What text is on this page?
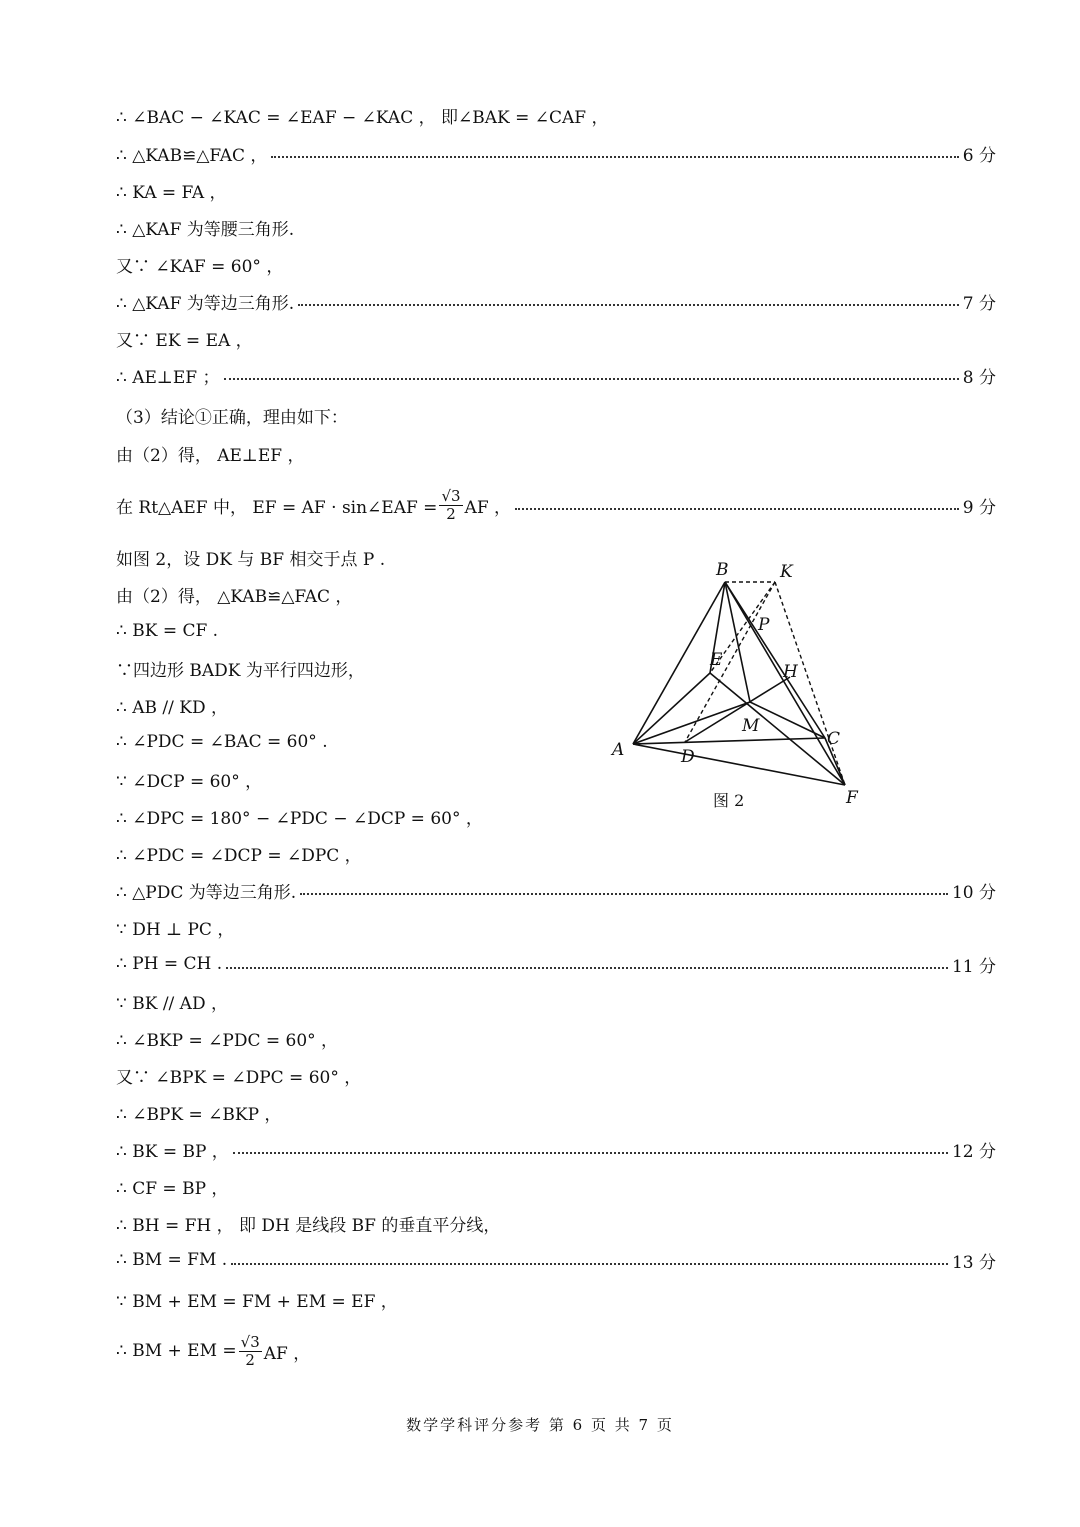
∴ ∠BAC − ∠KAC = ∠EAF − ∠KAC ， 即∠BAK = ∠CAF ，
∴ △KAB≌△FAC ，	6 分
∴ KA = FA ，
∴ △KAF 为等腰三角形.
又∵ ∠KAF = 60° ，
∴ △KAF 为等边三角形.	7 分
又∵ EK = EA ，
∴ AE⊥EF ；	8 分
（3）结论①正确，理由如下：
由（2）得， AE⊥EF ，
在 Rt△AEF 中， EF = AF · sin∠EAF = $\frac{√3}{2}$ AF ，	9 分
如图 2，设 DK 与 BF 相交于点 P .
由（2）得， △KAB≌△FAC ，
∴ BK = CF .
∵四边形 BADK 为平行四边形，
∴ AB // KD ，
∴ ∠PDC = ∠BAC = 60° .
∵ ∠DCP = 60° ，
∴ ∠DPC = 180° − ∠PDC − ∠DCP = 60° ，
∴ ∠PDC = ∠DCP = ∠DPC ，
∴ △PDC 为等边三角形.	10 分
∵ DH ⊥ PC ，
∴ PH = CH .	11 分
∵ BK // AD ，
∴ ∠BKP = ∠PDC = 60° ，
又∵ ∠BPK = ∠DPC = 60° ，
∴ ∠BPK = ∠BKP ，
∴ BK = BP ，	12 分
∴ CF = BP ，
∴ BH = FH ， 即 DH 是线段 BF 的垂直平分线，
∴ BM = FM .	13 分
∵ BM + EM = FM + EM = EF ，
∴ BM + EM = $\frac{√3}{2}$ AF ，
B	K
P
E
H
M
A	D
C
F
图 2
数学学科评分参考 第 6 页 共 7 页
